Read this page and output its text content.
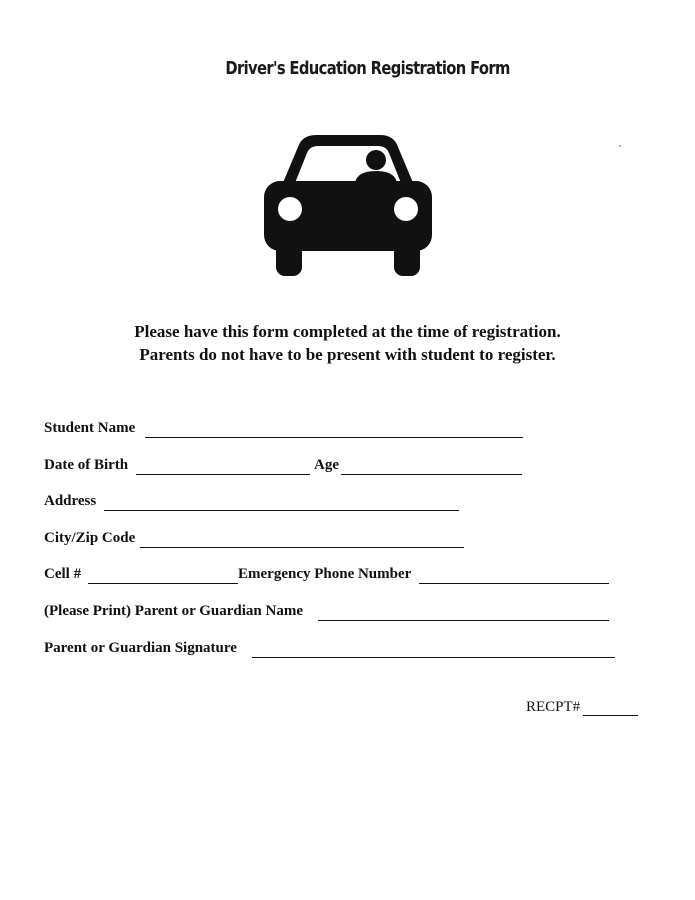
Driver's Education Registration Form
Please have this form completed at the time of registration.
Parents do not have to be present with student to register.
Student Name
Date of Birth	Age
Address
City/Zip Code
Cell #	Emergency Phone Number
(Please Print) Parent or Guardian Name
Parent or Guardian Signature
RECPT#
